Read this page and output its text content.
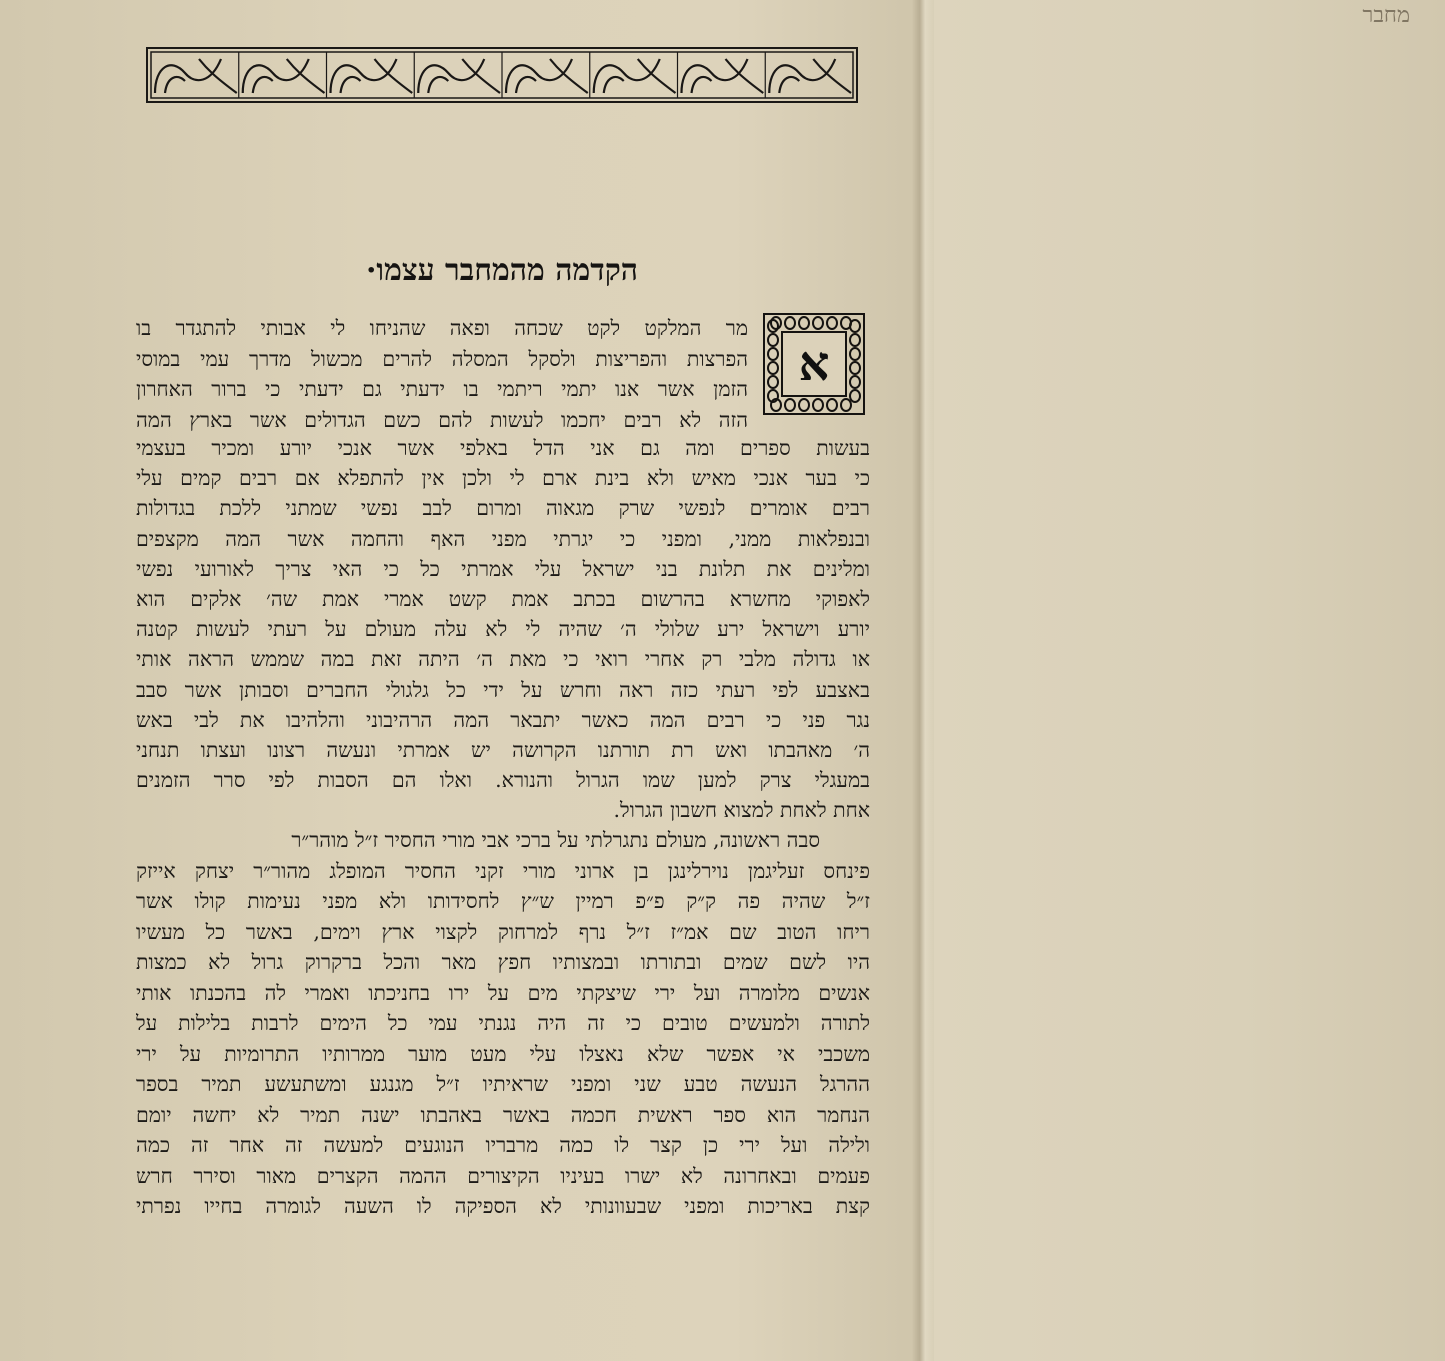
מחבר
הקדמה מהמחבר עצמו·
א
מר המלקט לקט שכחה ופאה שהניחו לי אבותי להתגדר בו
הפרצות והפריצות ולסקל המסלה להרים מכשול מדרך עמי במוסי
הזמן אשר אנו יתמי ריתמי בו ידעתי גם ידעתי כי ברור האחרון
הזה לא רבים יחכמו לעשות להם כשם הגדולים אשר בארץ המה
בעשות ספרים ומה גם אני הדל באלפי אשר אנכי יורע ומכיר בעצמי
כי בער אנכי מאיש ולא בינת ארם לי ולכן אין להתפלא אם רבים קמים עלי
רבים אומרים לנפשי שרק מגאוה ומרום לבב נפשי שמתני ללכת בגדולות
ובנפלאות ממני, ומפני כי יגרתי מפני האף והחמה אשר המה מקצפים
ומלינים את תלונת בני ישראל עלי אמרתי כל כי האי צריך לאורועי נפשי
לאפוקי מחשרא בהרשום בכתב אמת קשט אמרי אמת שה׳ אלקים הוא
יורע וישראל ירע שלולי ה׳ שהיה לי לא עלה מעולם על רעתי לעשות קטנה
או גדולה מלבי רק אחרי רואי כי מאת ה׳ היתה זאת במה שממש הראה אותי
באצבע לפי רעתי כזה ראה וחרש על ידי כל גלגולי החברים וסבותן אשר סבב
נגר פני כי רבים המה כאשר יתבאר המה הרהיבוני והלהיבו את לבי באש
ה׳ מאהבתו ואש רת תורתנו הקרושה יש אמרתי ונעשה רצונו ועצתו תנחני
במעגלי צרק למען שמו הגרול והנורא. ואלו הם הסבות לפי סרר הזמנים
אחת לאחת למצוא חשבון הגרול.
סבה ראשונה, מעולם נתגרלתי על ברכי אבי מורי החסיר ז״ל מוהר״ר
פינחס זעליגמן נוירלינגן בן ארוני מורי זקני החסיר המופלג מהור״ר יצחק אייזק
ז״ל שהיה פה ק״ק פ״פ רמיין ש״ץ לחסידותו ולא מפני נעימות קולו אשר
ריחו הטוב שם אמ״ז ז״ל נרף למרחוק לקצוי ארץ וימים, באשר כל מעשיו
היו לשם שמים ובתורתו ובמצותיו חפץ מאר והכל ברקרוק גרול לא כמצות
אנשים מלומרה ועל ירי שיצקתי מים על ירו בחניכתו ואמרי לה בהכנתו אותי
לתורה ולמעשים טובים כי זה היה נגנתי עמי כל הימים לרבות בלילות על
משכבי אי אפשר שלא נאצלו עלי מעט מוער ממרותיו התרומיות על ירי
ההרגל הנעשה טבע שני ומפני שראיתיו ז״ל מגנגע ומשתעשע תמיר בספר
הנחמר הוא ספר ראשית חכמה באשר באהבתו ישנה תמיר לא יחשה יומם
ולילה ועל ירי כן קצר לו כמה מרבריו הנוגעים למעשה זה אחר זה כמה
פעמים ובאחרונה לא ישרו בעיניו הקיצורים ההמה הקצרים מאור וסירר חרש
קצת באריכות ומפני שבעוונותי לא הספיקה לו השעה לגומרה בחייו נפרתי
